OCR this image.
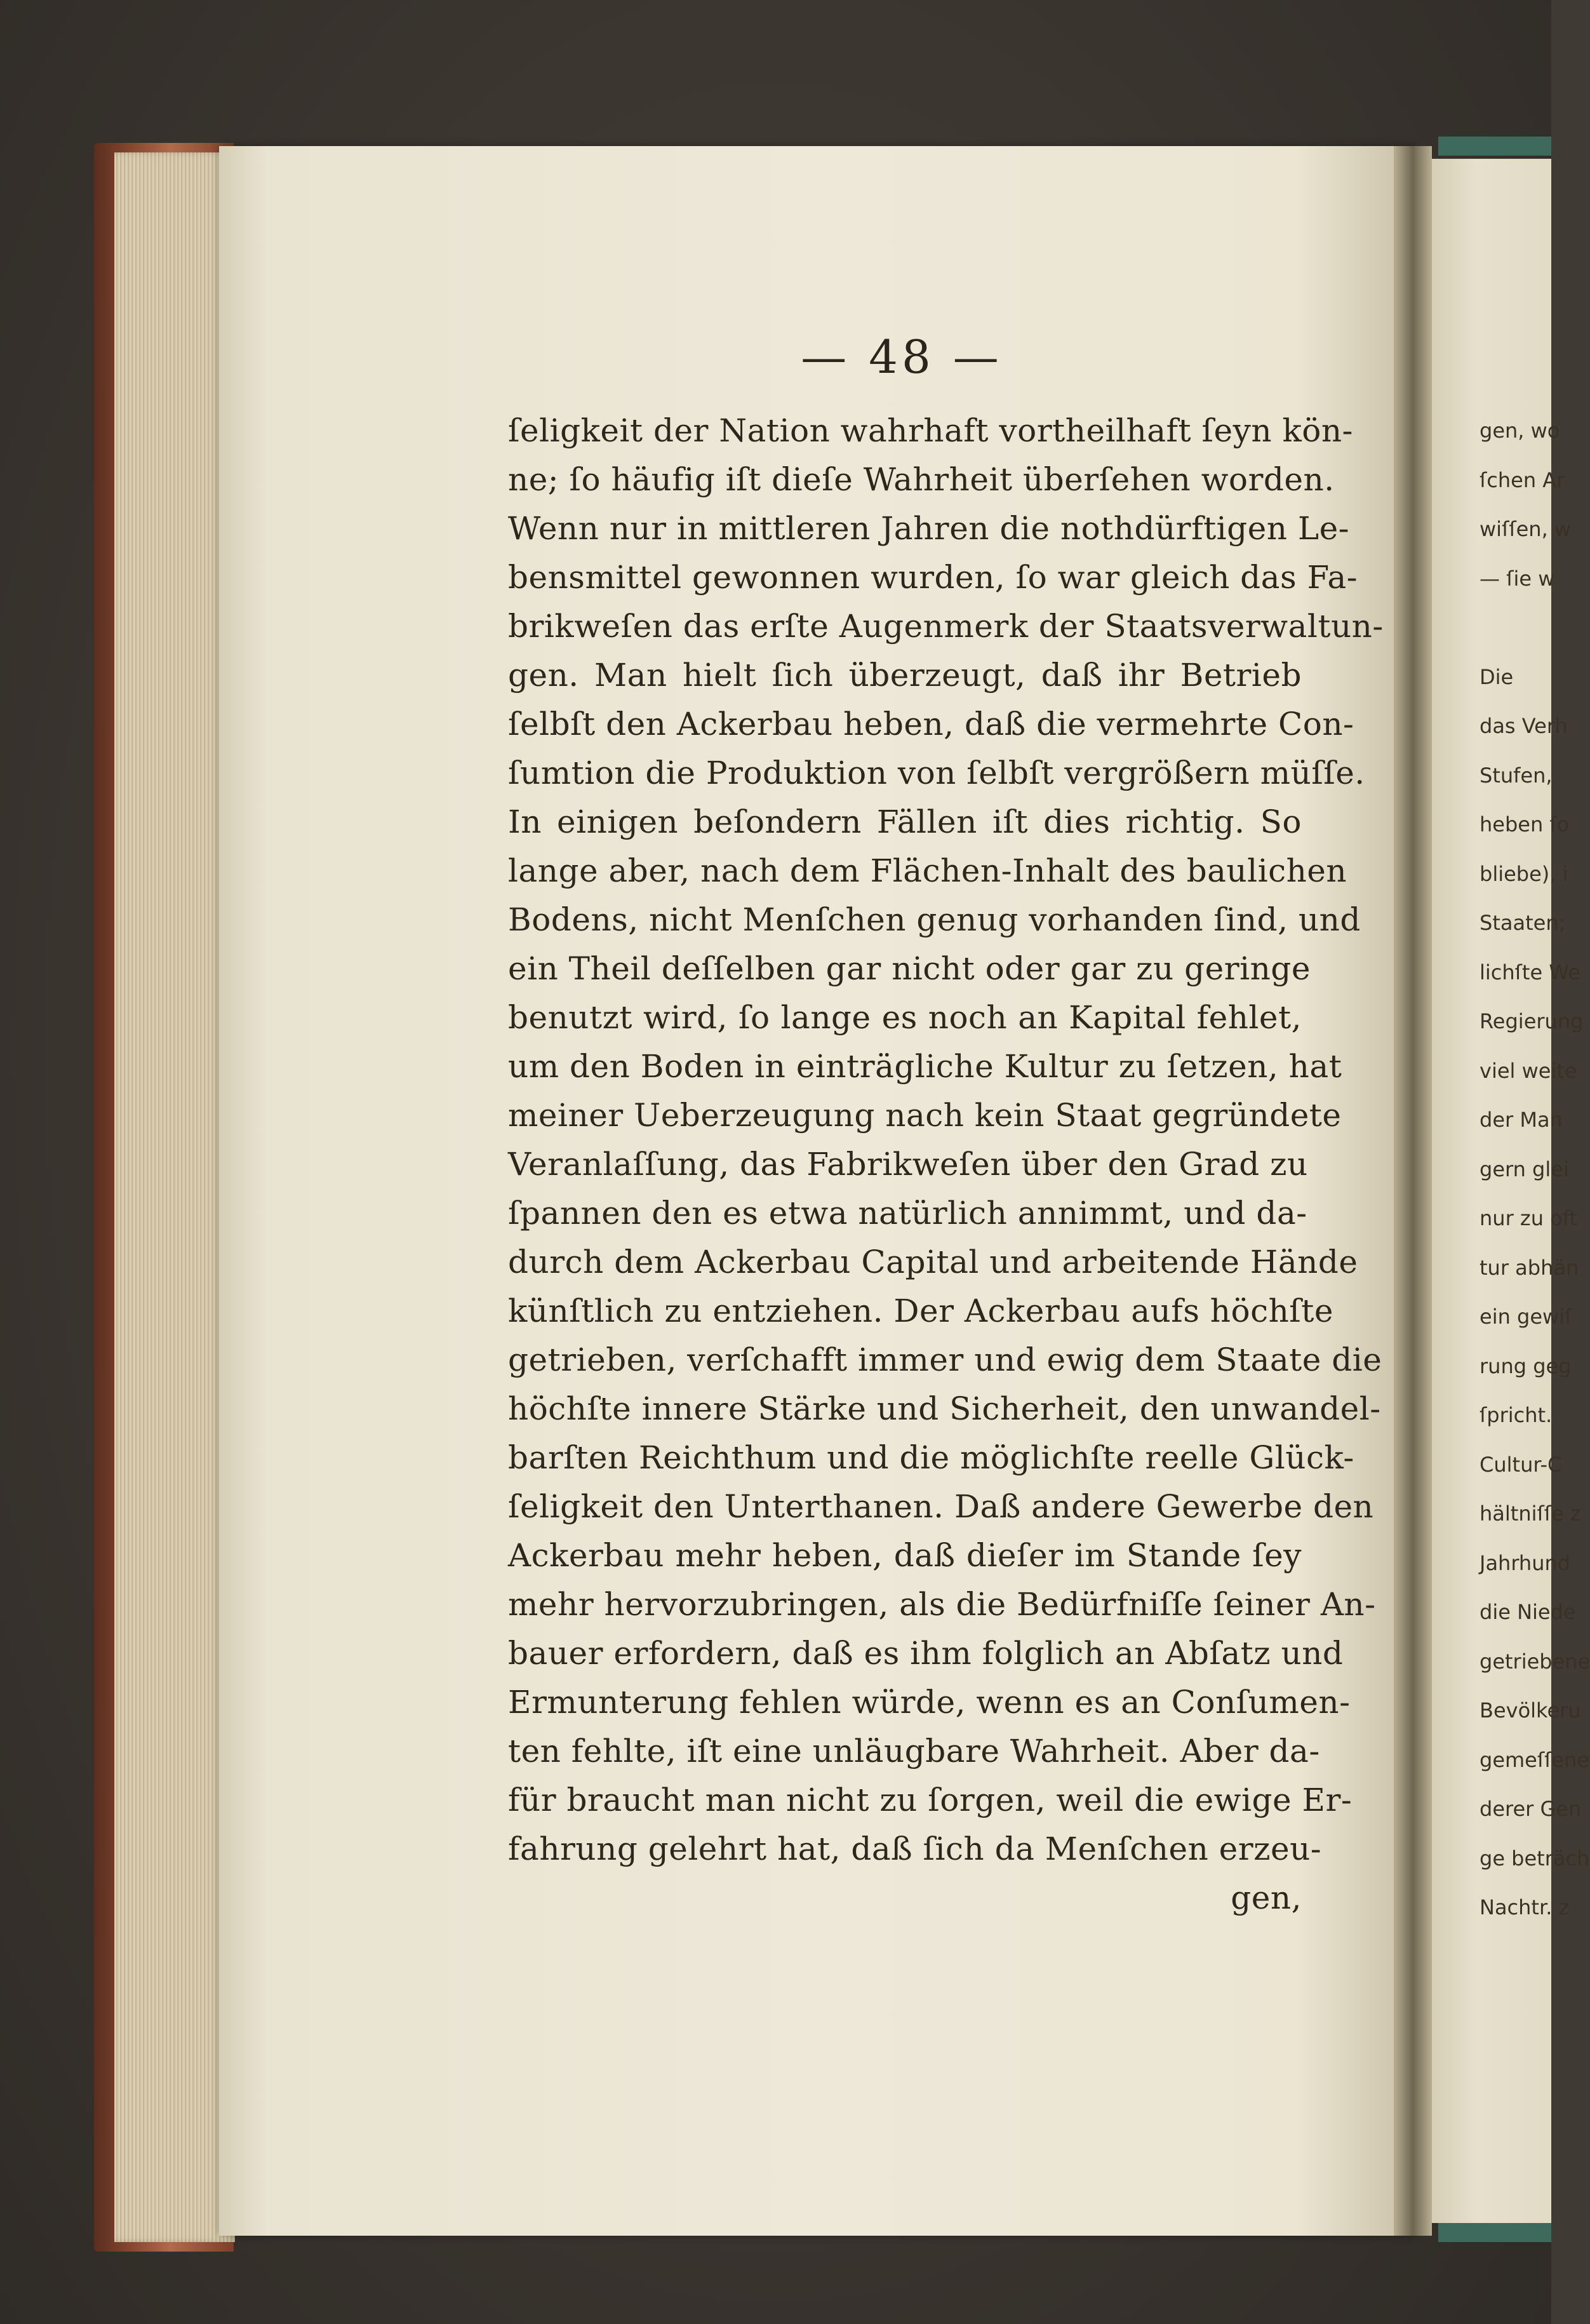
— 48 —
ſeligkeit der Nation wahrhaft vortheilhaft ſeyn kön-
ne; ſo häufig iſt dieſe Wahrheit überſehen worden.
Wenn nur in mittleren Jahren die nothdürftigen Le-
bensmittel gewonnen wurden, ſo war gleich das Fa-
brikweſen das erſte Augenmerk der Staatsverwaltun-
gen. Man hielt ſich überzeugt, daß ihr Betrieb
ſelbſt den Ackerbau heben, daß die vermehrte Con-
ſumtion die Produktion von ſelbſt vergrößern müſſe.
In einigen beſondern Fällen iſt dies richtig. So
lange aber, nach dem Flächen-Inhalt des baulichen
Bodens, nicht Menſchen genug vorhanden ſind, und
ein Theil deſſelben gar nicht oder gar zu geringe
benutzt wird, ſo lange es noch an Kapital fehlet,
um den Boden in einträgliche Kultur zu ſetzen, hat
meiner Ueberzeugung nach kein Staat gegründete
Veranlaſſung, das Fabrikweſen über den Grad zu
ſpannen den es etwa natürlich annimmt, und da-
durch dem Ackerbau Capital und arbeitende Hände
künſtlich zu entziehen. Der Ackerbau aufs höchſte
getrieben, verſchafft immer und ewig dem Staate die
höchſte innere Stärke und Sicherheit, den unwandel-
barſten Reichthum und die möglichſte reelle Glück-
ſeligkeit den Unterthanen. Daß andere Gewerbe den
Ackerbau mehr heben, daß dieſer im Stande ſey
mehr hervorzubringen, als die Bedürfniſſe ſeiner An-
bauer erfordern, daß es ihm folglich an Abſatz und
Ermunterung fehlen würde, wenn es an Conſumen-
ten fehlte, iſt eine unläugbare Wahrheit. Aber da-
für braucht man nicht zu ſorgen, weil die ewige Er-
fahrung gelehrt hat, daß ſich da Menſchen erzeu-
gen,
gen, wo
ſchen Ar
wiſſen, w
— ſie w
Die
das Verh
Stufen,
heben ſo
bliebe), i
Staaten;
lichſte We
Regierung
viel weite
der Man
gern glei
nur zu oft
tur abhän
ein gewiſ
rung geg
ſpricht.
Cultur-C
hältniſſe z
Jahrhund
die Niede
getriebene
Bevölkeru
gemeſſene
derer Gen
ge beträch
Nachtr. z
